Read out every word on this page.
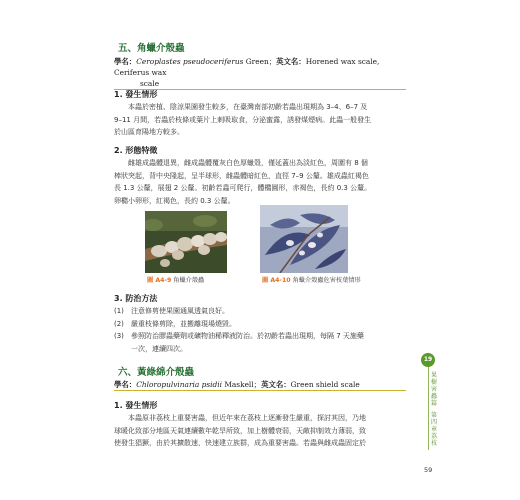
五、角蠟介殼蟲
學名：Ceroplastes pseudoceriferus Green；英文名：Horened wax scale, Ceriferus wax
scale
1. 發生情形
本蟲於密植、陰涼果園發生較多，在臺灣南部初齡若蟲出現期為 3–4、6–7 及
9–11 月間，若蟲於枝條或葉片上刺吸取食，分泌蜜露，誘發煤煙病。此蟲一般發生
於山區育陽地方較多。
2. 形態特徵
雌雄成蟲體退異，雌成蟲體覆灰白色厚蠟殼，僅延蓋出為淡紅色，周圍有 8 個
棒狀突起，背中央隆起，呈半球形，雌蟲體暗紅色，直徑 7–9 公釐。雄成蟲紅褐色
長 1.3 公釐，展翅 2 公釐。初齡若蟲可爬行，體橢圓形，赤褐色，長約 0.3 公釐。
卵橢小卵形，紅褐色，長約 0.3 公釐。
圖 A4-9 角蠟介殼蟲	圖 A4-10 角蠟介殼蟲危害枝葉情形
3. 防治方法
(1) 注意修剪使果園通風透氣良好。
(2) 嚴重枝條剪除，並搬離現場燒毀。
(3) 參照防治膠蟲藥劑或礦物油稀釋液防治。於初齡若蟲出現期，每隔 7 天施藥
一次，連續四次。
六、黃綠綿介殼蟲
學名：Chloropulvinaria psidii Maskell；英文名：Green shield scale
1. 發生情形
本蟲原非荔枝上重要害蟲，但近年來在荔枝上逐漸發生嚴重，探討其因，乃地
球暖化致部分地區天氣連續數年乾旱所致，加上樹體衰弱，天敵抑制效力薄弱，致
使發生猖獗，由於其擴散速，快速建立族群，成為重要害蟲。若蟲與雌成蟲固定於
19
果樹害蟲篇
第四章荔枝
59
